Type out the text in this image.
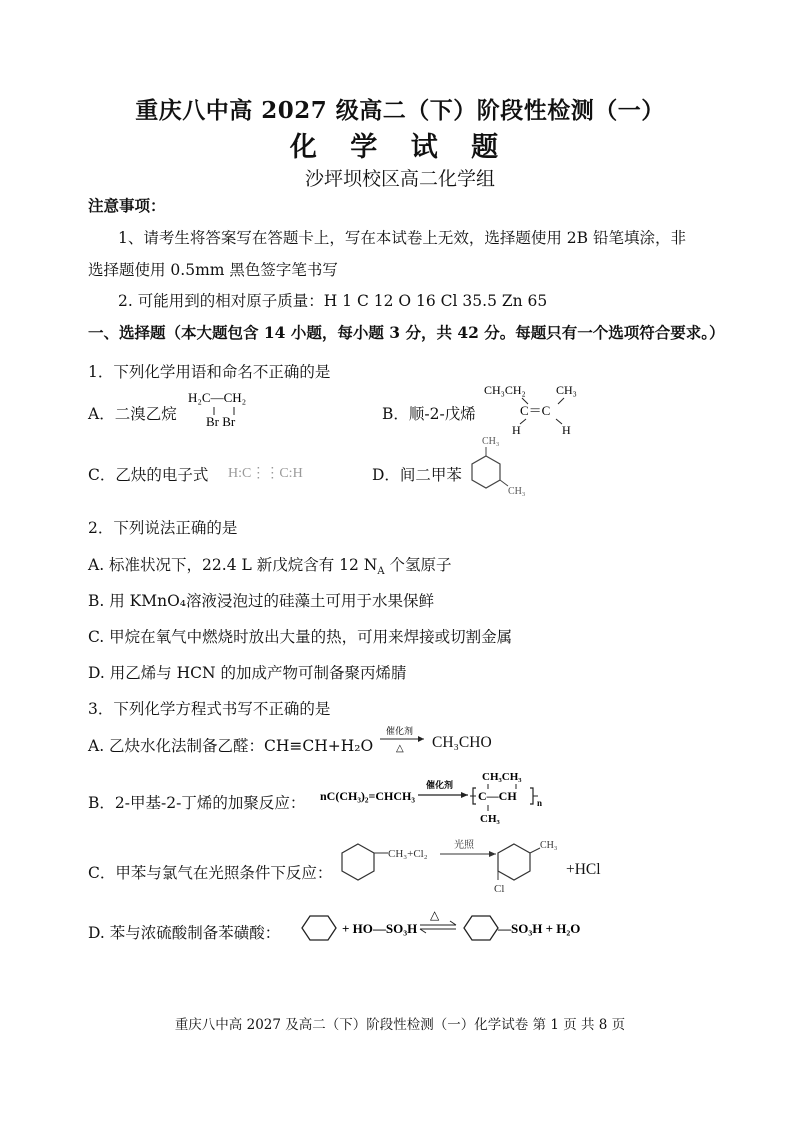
重庆八中高 2027 级高二（下）阶段性检测（一）
化 学 试 题
沙坪坝校区高二化学组
注意事项：
1、请考生将答案写在答题卡上，写在本试卷上无效，选择题使用 2B 铅笔填涂，非
选择题使用 0.5mm 黑色签字笔书写
2. 可能用到的相对原子质量：H 1 C 12 O 16 Cl 35.5 Zn 65
一、选择题（本大题包含 14 小题，每小题 3 分，共 42 分。每题只有一个选项符合要求。）
1．下列化学用语和命名不正确的是
A．二溴乙烷
H₂C—CH₂
Br Br	B．顺-2-戊烯
CH₃CH₂	CH₃
C＝C
H	H
C．乙炔的电子式 H:C⋮⋮C:H	D．间二甲苯
CH₃
CH₃
2．下列说法正确的是
A. 标准状况下，22.4 L 新戊烷含有 12 $N_A$ 个氢原子
B. 用 KMnO₄溶液浸泡过的硅藻土可用于水果保鲜
C. 甲烷在氧气中燃烧时放出大量的热，可用来焊接或切割金属
D. 用乙烯与 HCN 的加成产物可制备聚丙烯腈
3．下列化学方程式书写不正确的是
A. 乙炔水化法制备乙醛：CH≡CH+H₂O
催化剂
△ CH₃CHO
B．2-甲基-2-丁烯的加聚反应： nC(CH₃)₂=CHCH₃
催化剂
CH₃CH₃
C—CH n
CH₃
C．甲苯与氯气在光照条件下反应：
CH₃+Cl₂
光照	CH₃
Cl
+HCl
D. 苯与浓硫酸制备苯磺酸：	+ HO—SO₃H
△
—SO₃H + H₂O
重庆八中高 2027 及高二（下）阶段性检测（一）化学试卷 第 1 页 共 8 页
